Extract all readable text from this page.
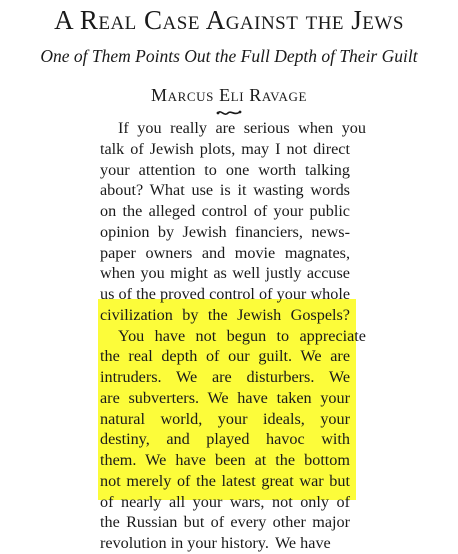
A Real Case Against the Jews
One of Them Points Out the Full Depth of Their Guilt
Marcus Eli Ravage
If you really are serious when you
talk of Jewish plots, may I not direct
your attention to one worth talking
about? What use is it wasting words
on the alleged control of your public
opinion by Jewish financiers, news-
paper owners and movie magnates,
when you might as well justly accuse
us of the proved control of your whole
civilization by the Jewish Gospels?
You have not begun to appreciate
the real depth of our guilt. We are
intruders. We are disturbers. We
are subverters. We have taken your
natural world, your ideals, your
destiny, and played havoc with
them. We have been at the bottom
not merely of the latest great war but
of nearly all your wars, not only of
the Russian but of every other major
revolution in your history. We have
